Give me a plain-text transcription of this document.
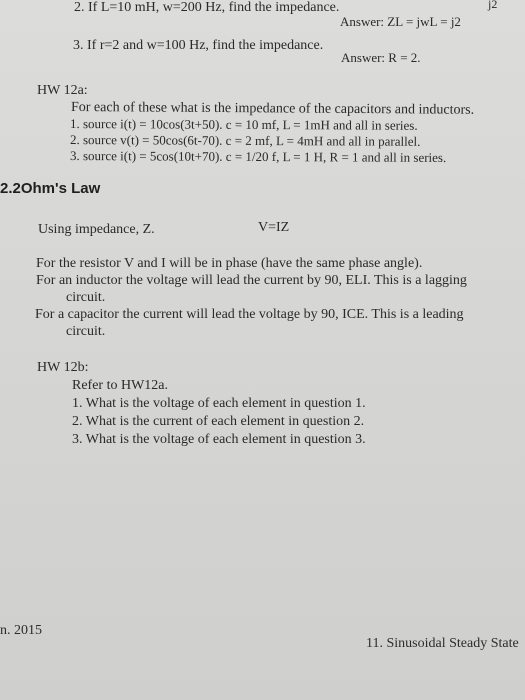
2. If L=10 mH, w=200 Hz, find the impedance.	j2
Answer: ZL = jwL = j2
3. If r=2 and w=100 Hz, find the impedance.
Answer: R = 2.
HW 12a:
For each of these what is the impedance of the capacitors and inductors.
1. source i(t) = 10cos(3t+50). c = 10 mf, L = 1mH and all in series.
2. source v(t) = 50cos(6t-70). c = 2 mf, L = 4mH and all in parallel.
3. source i(t) = 5cos(10t+70). c = 1/20 f, L = 1 H, R = 1 and all in series.
2.2Ohm's Law
Using impedance, Z.	V=IZ
For the resistor V and I will be in phase (have the same phase angle).
For an inductor the voltage will lead the current by 90, ELI. This is a lagging
circuit.
For a capacitor the current will lead the voltage by 90, ICE. This is a leading
circuit.
HW 12b:
Refer to HW12a.
1. What is the voltage of each element in question 1.
2. What is the current of each element in question 2.
3. What is the voltage of each element in question 3.
n. 2015
11. Sinusoidal Steady State
